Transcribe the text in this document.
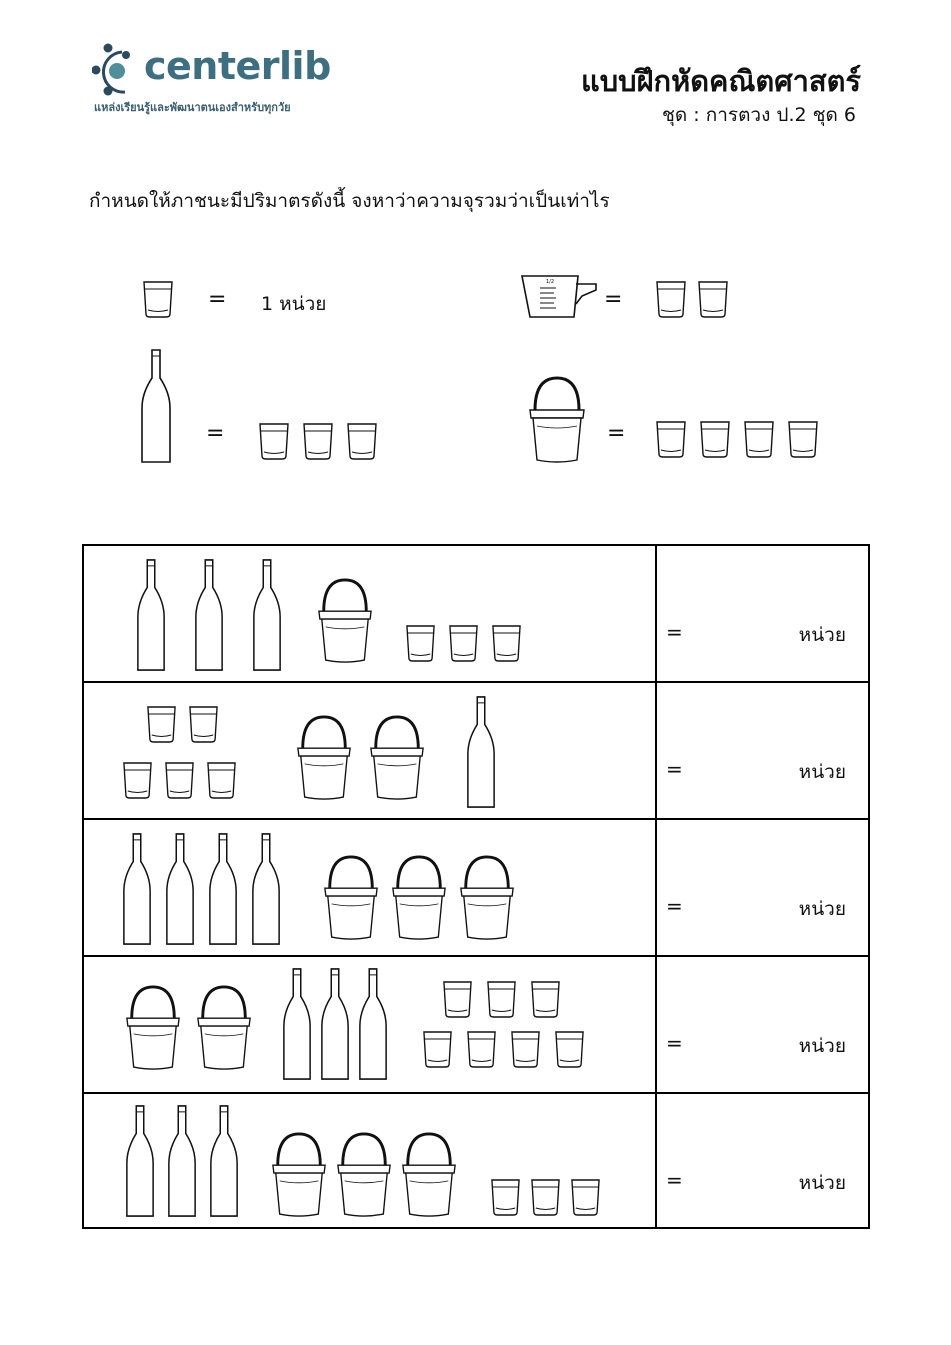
centerlib
แหล่งเรียนรู้และพัฒนาตนเองสำหรับทุกวัย
แบบฝึกหัดคณิตศาสตร์
ชุด : การตวง ป.2 ชุด 6
กำหนดให้ภาชนะมีปริมาตรดังนี้ จงหาว่าความจุรวมว่าเป็นเท่าไร
= 1 หน่วย
1/2
=
=	=
=	หน่วย
=	หน่วย
=	หน่วย
=	หน่วย
=	หน่วย
